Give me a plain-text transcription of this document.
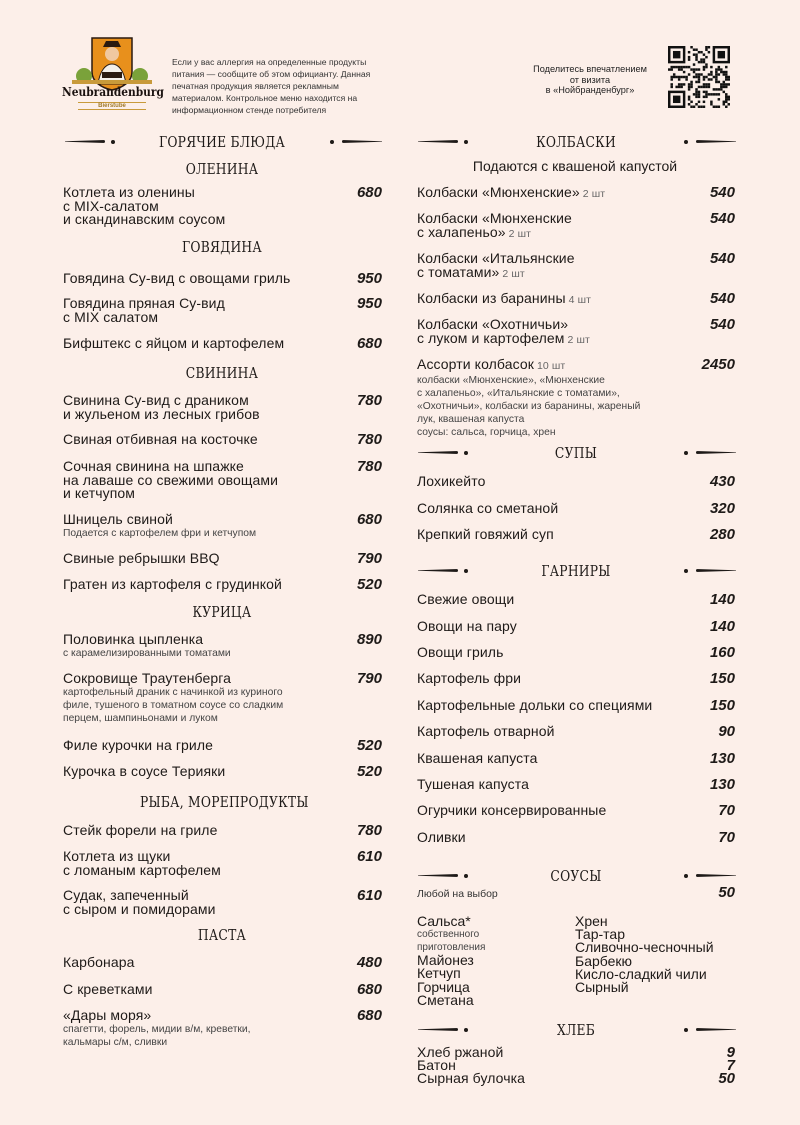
Neubrandenburg
Bierstube
Если у вас аллергия на определенные продукты
питания — сообщите об этом официанту. Данная
печатная продукция является рекламным
материалом. Контрольное меню находится на
информационном стенде потребителя
Поделитесь впечатлением
от визита
в «Нойбранденбург»
ГОРЯЧИЕ БЛЮДА
ОЛЕНИНА
Котлета из оленины
с MIX-салатом
и скандинавским соусом
680
ГОВЯДИНА
Говядина Су-вид с овощами гриль	950
Говядина пряная Су-вид
с MIX салатом
950
Бифштекс с яйцом и картофелем	680
СВИНИНА
Свинина Су-вид с драником
и жульеном из лесных грибов
780
Свиная отбивная на косточке	780
Сочная свинина на шпажке
на лаваше со свежими овощами
и кетчупом
780
Шницель свиной
Подается с картофелем фри и кетчупом
680
Свиные ребрышки BBQ	790
Гратен из картофеля с грудинкой	520
КУРИЦА
Половинка цыпленка
с карамелизированными томатами
890
Сокровище Траутенберга
картофельный драник с начинкой из куриного
филе, тушеного в томатном соусе со сладким
перцем, шампиньонами и луком
790
Филе курочки на гриле	520
Курочка в соусе Терияки	520
РЫБА, МОРЕПРОДУКТЫ
Стейк форели на гриле	780
Котлета из щуки
с ломаным картофелем
610
Судак, запеченный
с сыром и помидорами
610
ПАСТА
Карбонара	480
С креветками	680
«Дары моря»
спагетти, форель, мидии в/м, креветки,
кальмары с/м, сливки
680
КОЛБАСКИ
Колбаски «Мюнхенские» 2 шт	540
Колбаски «Мюнхенские
с халапеньо» 2 шт
540
Колбаски «Итальянские
с томатами» 2 шт
540
Колбаски из баранины 4 шт	540
Колбаски «Охотничьи»
с луком и картофелем 2 шт
540
Ассорти колбасок 10 шт
колбаски «Мюнхенские», «Мюнхенские
с халапеньо», «Итальянские с томатами»,
«Охотничьи», колбаски из баранины, жареный
лук, квашеная капуста
соусы: сальса, горчица, хрен
2450
СУПЫ
Лохикейто	430
Солянка со сметаной	320
Крепкий говяжий суп	280
ГАРНИРЫ
Свежие овощи	140
Овощи на пару	140
Овощи гриль	160
Картофель фри	150
Картофельные дольки со специями	150
Картофель отварной	90
Квашеная капуста	130
Тушеная капуста	130
Огурчики консервированные	70
Оливки	70
СОУСЫ
ХЛЕБ
Хлеб ржаной	9
Батон	7
Сырная булочка	50
Подаются с квашеной капустой
Любой на выбор	50
Сальса*
собственного
приготовления
Майонез
Кетчуп
Горчица
Сметана
Хрен
Тар-тар
Сливочно-чесночный
Барбекю
Кисло-сладкий чили
Сырный
